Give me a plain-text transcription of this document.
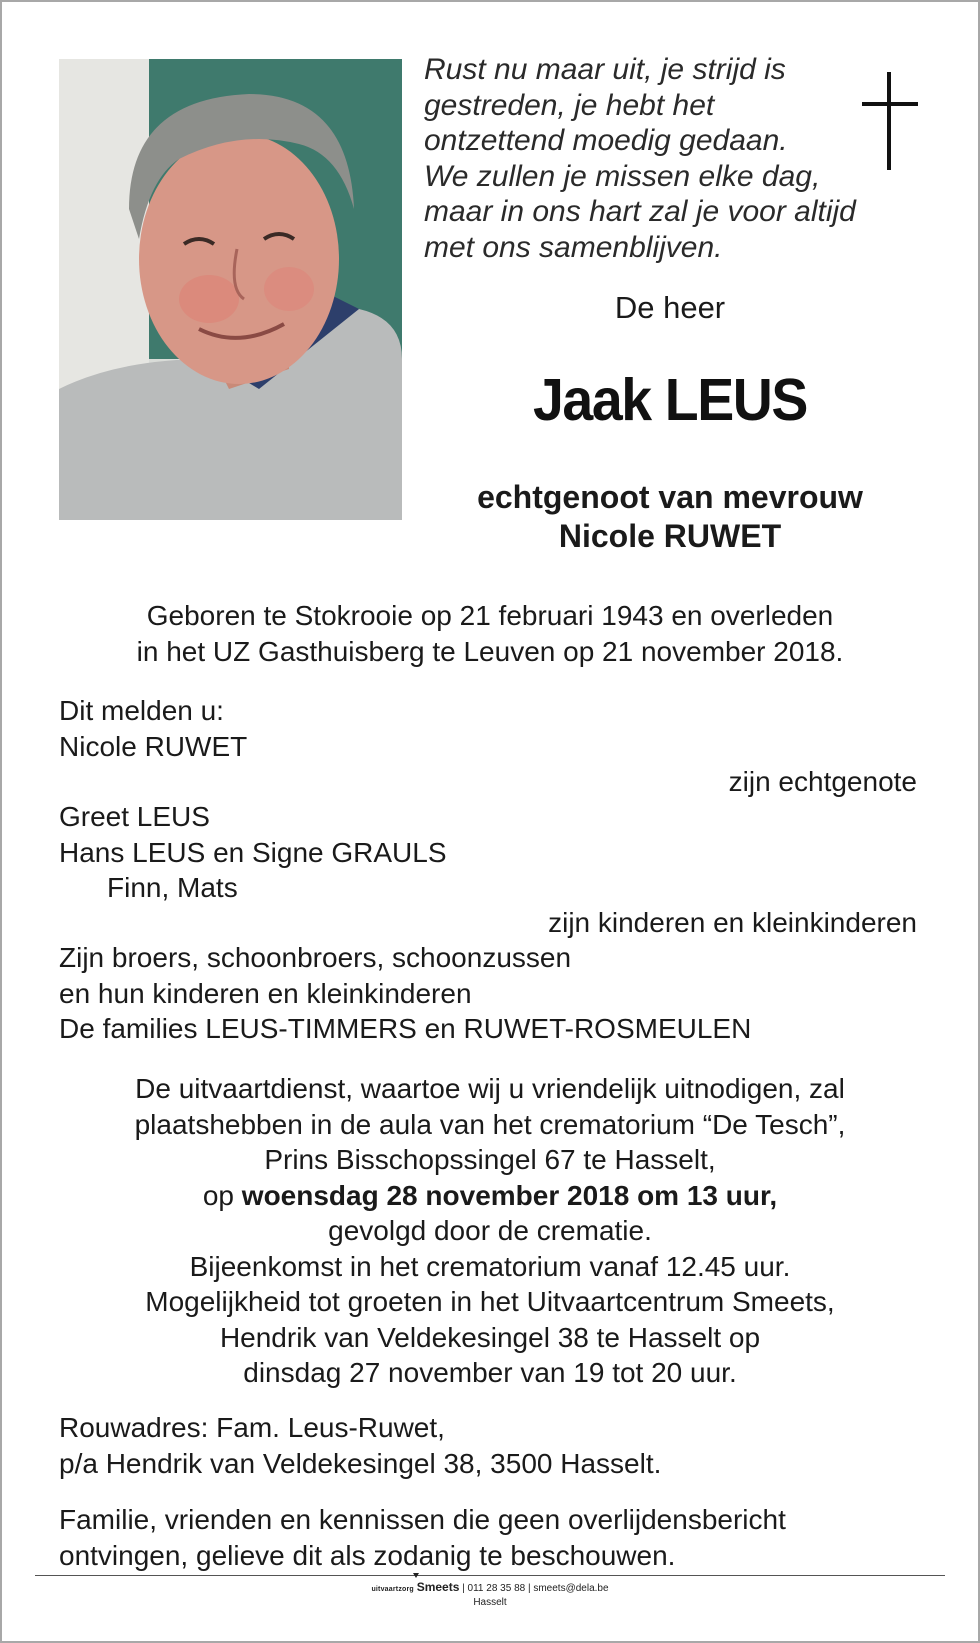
Rust nu maar uit, je strijd is
gestreden, je hebt het
ontzettend moedig gedaan.
We zullen je missen elke dag,
maar in ons hart zal je voor altijd
met ons samenblijven.
De heer
Jaak LEUS
echtgenoot van mevrouw
Nicole RUWET
Geboren te Stokrooie op 21 februari 1943 en overleden
in het UZ Gasthuisberg te Leuven op 21 november 2018.
Dit melden u:
Nicole RUWET
zijn echtgenote
Greet LEUS
Hans LEUS en Signe GRAULS
Finn, Mats
zijn kinderen en kleinkinderen
Zijn broers, schoonbroers, schoonzussen
en hun kinderen en kleinkinderen
De families LEUS-TIMMERS en RUWET-ROSMEULEN
De uitvaartdienst, waartoe wij u vriendelijk uitnodigen, zal
plaatshebben in de aula van het crematorium “De Tesch”,
Prins Bisschopssingel 67 te Hasselt,
op woensdag 28 november 2018 om 13 uur,
gevolgd door de crematie.
Bijeenkomst in het crematorium vanaf 12.45 uur.
Mogelijkheid tot groeten in het Uitvaartcentrum Smeets,
Hendrik van Veldekesingel 38 te Hasselt op
dinsdag 27 november van 19 tot 20 uur.
Rouwadres: Fam. Leus-Ruwet,
p/a Hendrik van Veldekesingel 38, 3500 Hasselt.
Familie, vrienden en kennissen die geen overlijdensbericht
ontvingen, gelieve dit als zodanig te beschouwen.
uitvaartzorg Smeets | 011 28 35 88 | smeets@dela.be
Hasselt
